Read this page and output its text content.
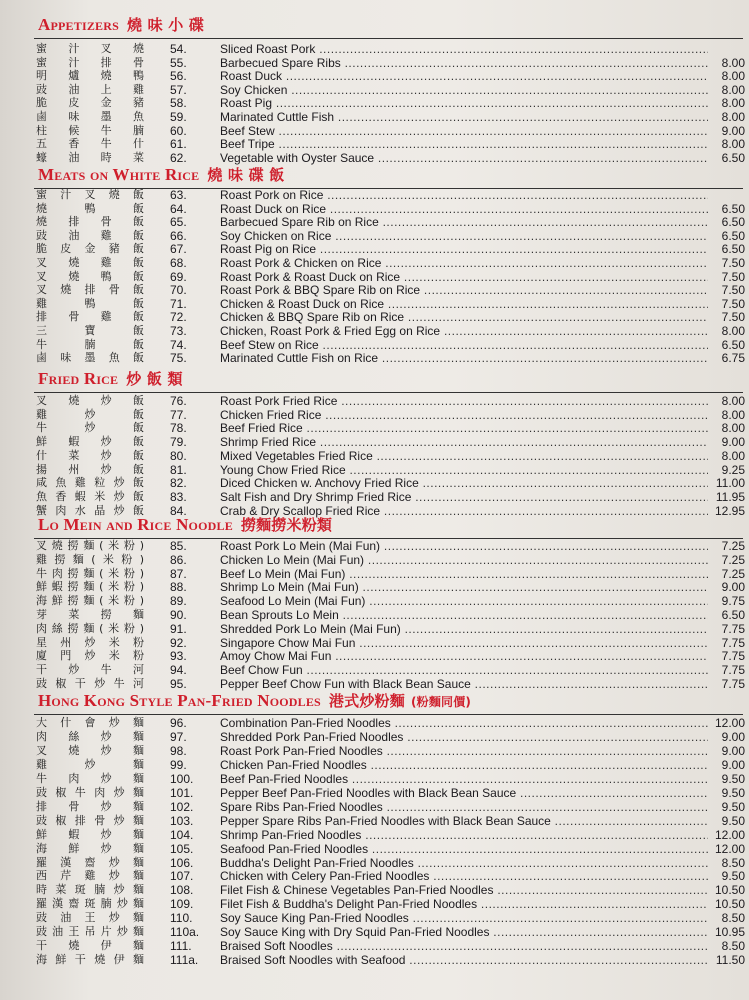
Appetizers 燒 味 小 碟
蜜汁叉燒 54.	Sliced Roast Pork .....
蜜汁排骨 55.	Barbecued Spare Ribs .....	8.00
明爐燒鴨 56.	Roast Duck .....	8.00
豉油上雞 57.	Soy Chicken .....	8.00
脆皮金豬 58.	Roast Pig .....	8.00
鹵味墨魚 59.	Marinated Cuttle Fish .....	8.00
柱候牛腩 60.	Beef Stew .....	9.00
五香牛什 61.	Beef Tripe .....	8.00
蠔油時菜 62.	Vegetable with Oyster Sauce .....	6.50
Meats on White Rice 燒 味 碟 飯
蜜汁叉燒飯 63.	Roast Pork on Rice .....
燒鴨飯 64.	Roast Duck on Rice .....	6.50
燒排骨飯 65.	Barbecued Spare Rib on Rice .....	6.50
豉油雞飯 66.	Soy Chicken on Rice .....	6.50
脆皮金豬飯 67.	Roast Pig on Rice .....	6.50
叉燒雞飯 68.	Roast Pork & Chicken on Rice .....	7.50
叉燒鴨飯 69.	Roast Pork & Roast Duck on Rice .....	7.50
叉燒排骨飯 70.	Roast Pork & BBQ Spare Rib on Rice .....	7.50
雞鴨飯 71.	Chicken & Roast Duck on Rice .....	7.50
排骨雞飯 72.	Chicken & BBQ Spare Rib on Rice .....	7.50
三寶飯 73.	Chicken, Roast Pork & Fried Egg on Rice .....	8.00
牛腩飯 74.	Beef Stew on Rice .....	6.50
鹵味墨魚飯 75.	Marinated Cuttle Fish on Rice .....	6.75
Fried Rice 炒 飯 類
叉燒炒飯 76.	Roast Pork Fried Rice .....	8.00
雞炒飯 77.	Chicken Fried Rice .....	8.00
牛炒飯 78.	Beef Fried Rice .....	8.00
鮮蝦炒飯 79.	Shrimp Fried Rice .....	9.00
什菜炒飯 80.	Mixed Vegetables Fried Rice .....	8.00
揚州炒飯 81.	Young Chow Fried Rice .....	9.25
咸魚雞粒炒飯 82.	Diced Chicken w. Anchovy Fried Rice .....	11.00
魚香蝦米炒飯 83.	Salt Fish and Dry Shrimp Fried Rice .....	11.95
蟹肉水晶炒飯 84.	Crab & Dry Scallop Fried Rice .....	12.95
Lo Mein and Rice Noodle 撈麵撈米粉類
叉燒撈麵(米粉) 85.	Roast Pork Lo Mein (Mai Fun) .....	7.25
雞撈麵(米粉) 86.	Chicken Lo Mein (Mai Fun) .....	7.25
牛肉撈麵(米粉) 87.	Beef Lo Mein (Mai Fun) .....	7.25
鮮蝦撈麵(米粉) 88.	Shrimp Lo Mein (Mai Fun) .....	9.00
海鮮撈麵(米粉) 89.	Seafood Lo Mein (Mai Fun) .....	9.75
芽菜撈麵 90.	Bean Sprouts Lo Mein .....	6.50
肉絲撈麵(米粉) 91.	Shredded Pork Lo Mein (Mai Fun) .....	7.75
星州炒米粉 92.	Singapore Chow Mai Fun .....	7.75
廈門炒米粉 93.	Amoy Chow Mai Fun .....	7.75
干炒牛河 94.	Beef Chow Fun .....	7.75
豉椒干炒牛河 95.	Pepper Beef Chow Fun with Black Bean Sauce .....	7.75
Hong Kong Style Pan-Fried Noodles 港式炒粉麵 (粉麵同價)
大什會炒麵 96.	Combination Pan-Fried Noodles .....	12.00
肉絲炒麵 97.	Shredded Pork Pan-Fried Noodles .....	9.00
叉燒炒麵 98.	Roast Pork Pan-Fried Noodles .....	9.00
雞炒麵 99.	Chicken Pan-Fried Noodles .....	9.00
牛肉炒麵 100.	Beef Pan-Fried Noodles .....	9.50
豉椒牛肉炒麵 101.	Pepper Beef Pan-Fried Noodles with Black Bean Sauce .....	9.50
排骨炒麵 102.	Spare Ribs Pan-Fried Noodles .....	9.50
豉椒排骨炒麵 103.	Pepper Spare Ribs Pan-Fried Noodles with Black Bean Sauce .....	9.50
鮮蝦炒麵 104.	Shrimp Pan-Fried Noodles .....	12.00
海鮮炒麵 105.	Seafood Pan-Fried Noodles .....	12.00
羅漢齋炒麵 106.	Buddha's Delight Pan-Fried Noodles .....	8.50
西芹雞炒麵 107.	Chicken with Celery Pan-Fried Noodles .....	9.50
時菜斑腩炒麵 108.	Filet Fish & Chinese Vegetables Pan-Fried Noodles .....	10.50
羅漢齋斑腩炒麵 109.	Filet Fish & Buddha's Delight Pan-Fried Noodles .....	10.50
豉油王炒麵 110.	Soy Sauce King Pan-Fried Noodles .....	8.50
豉油王吊片炒麵 110a.	Soy Sauce King with Dry Squid Pan-Fried Noodles .....	10.95
干燒伊麵 111.	Braised Soft Noodles .....	8.50
海鮮干燒伊麵 111a.	Braised Soft Noodles with Seafood .....	11.50
